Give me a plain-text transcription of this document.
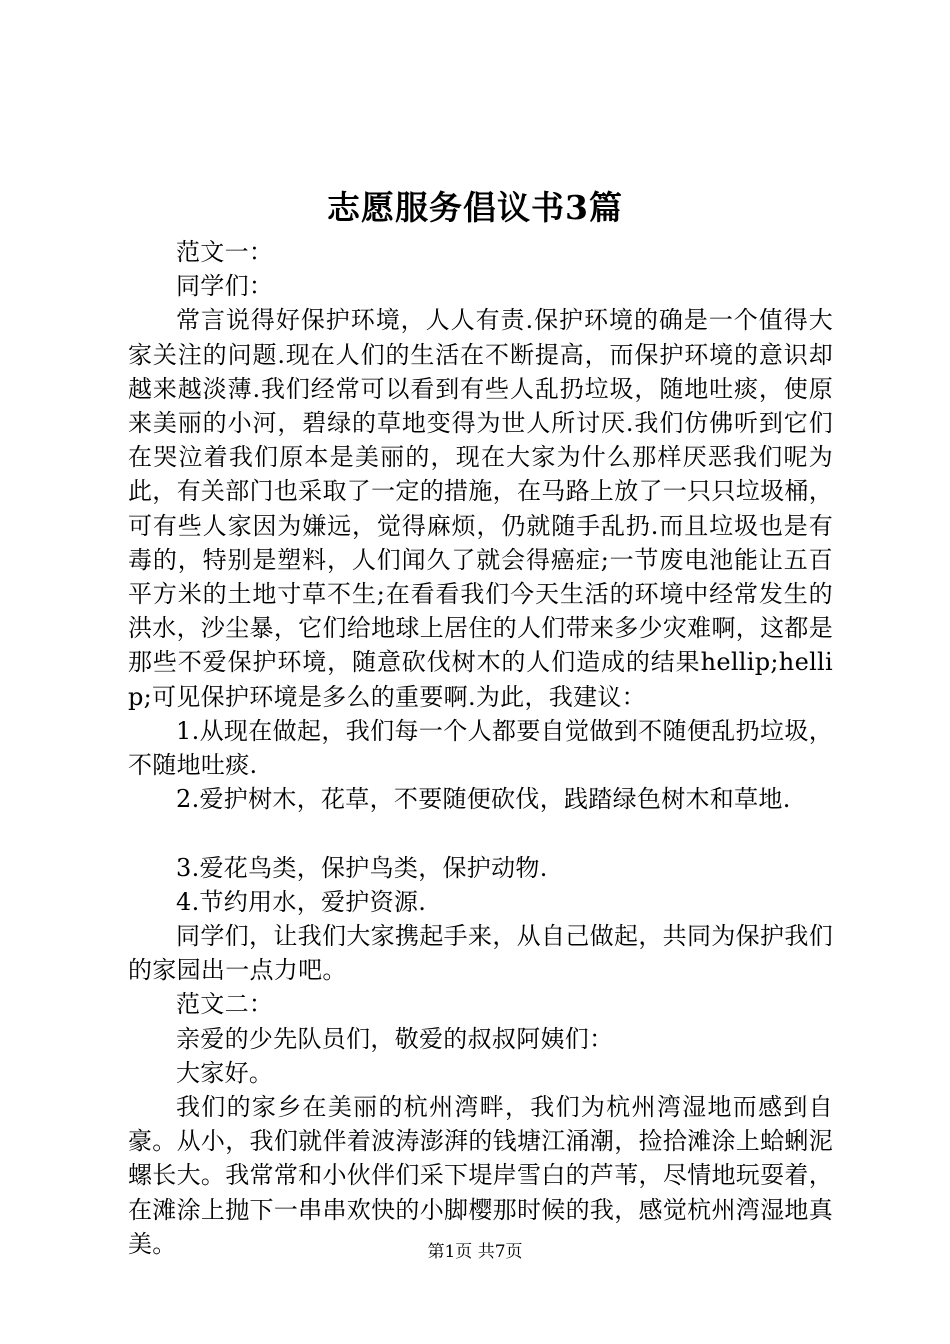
志愿服务倡议书3篇

范文一：

同学们：

常言说得好保护环境，人人有责.保护环境的确是一个值得大家关注的问题.现在人们的生活在不断提高，而保护环境的意识却越来越淡薄.我们经常可以看到有些人乱扔垃圾，随地吐痰，使原来美丽的小河，碧绿的草地变得为世人所讨厌.我们仿佛听到它们在哭泣着我们原本是美丽的，现在大家为什么那样厌恶我们呢为此，有关部门也采取了一定的措施，在马路上放了一只只垃圾桶，可有些人家因为嫌远，觉得麻烦，仍就随手乱扔.而且垃圾也是有毒的，特别是塑料，人们闻久了就会得癌症;一节废电池能让五百平方米的土地寸草不生;在看看我们今天生活的环境中经常发生的洪水，沙尘暴，它们给地球上居住的人们带来多少灾难啊，这都是那些不爱保护环境，随意砍伐树木的人们造成的结果hellip;hellip;可见保护环境是多么的重要啊.为此，我建议：

1.从现在做起，我们每一个人都要自觉做到不随便乱扔垃圾，不随地吐痰.

2.爱护树木，花草，不要随便砍伐，践踏绿色树木和草地.

3.爱花鸟类，保护鸟类，保护动物.

4.节约用水，爱护资源.

同学们，让我们大家携起手来，从自己做起，共同为保护我们的家园出一点力吧。

范文二：

亲爱的少先队员们，敬爱的叔叔阿姨们：

大家好。

我们的家乡在美丽的杭州湾畔，我们为杭州湾湿地而感到自豪。从小，我们就伴着波涛澎湃的钱塘江涌潮，捡拾滩涂上蛤蜊泥螺长大。我常常和小伙伴们采下堤岸雪白的芦苇，尽情地玩耍着，在滩涂上抛下一串串欢快的小脚樱那时候的我，感觉杭州湾湿地真美。	第1页 共7页
